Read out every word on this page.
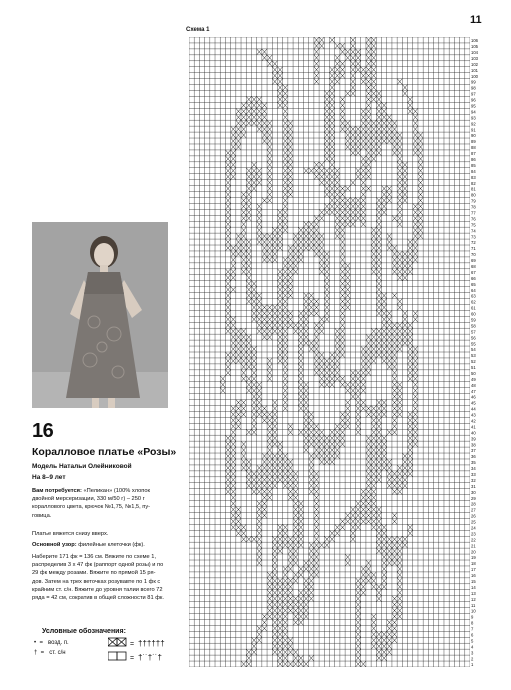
11
16
Коралловое платье «Розы»
Модель Натальи Олейниковой
На 8–9 лет
Вам потребуется: «Пеликан» (100% хлопок
двойной мерсеризации, 330 м/50 г) – 250 г
кораллового цвета, крючок №1,75, №1,5, пу-
говица.
Платье вяжется снизу вверх.
Основной узор: филейные клеточки (фк).
Наберите 171 фк = 136 см. Вяжите по схеме 1,
распределив 3 х 47 фк (раппорт одной розы) и по
29 фк между розами. Вяжите по прямой 15 ря-
дов. Затем на трех веточках розувавте по 1 фк с
крайним ст. с/н. Вяжите до уровня талии всего 72
ряда = 42 см, сократив в общей сложности 81 фк.
Условные обозначения:
•  =   возд. п.
†  =   ст. с/н
= ††††††
= †˙˙†˙˙†
Схема 1
106
105
104
103
102
101
100
99
98
97
96
95
94
93
92
91
90
89
88
87
86
85
84
83
82
81
80
79
78
77
76
75
74
73
72
71
70
69
68
67
66
65
64
63
62
61
60
59
58
57
56
55
54
53
52
51
50
49
48
47
46
45
44
43
42
41
40
39
38
37
36
35
34
33
32
31
30
29
28
27
26
25
24
23
22
21
20
19
18
17
16
15
14
13
12
11
10
9
8
7
6
5
4
3
2
1
